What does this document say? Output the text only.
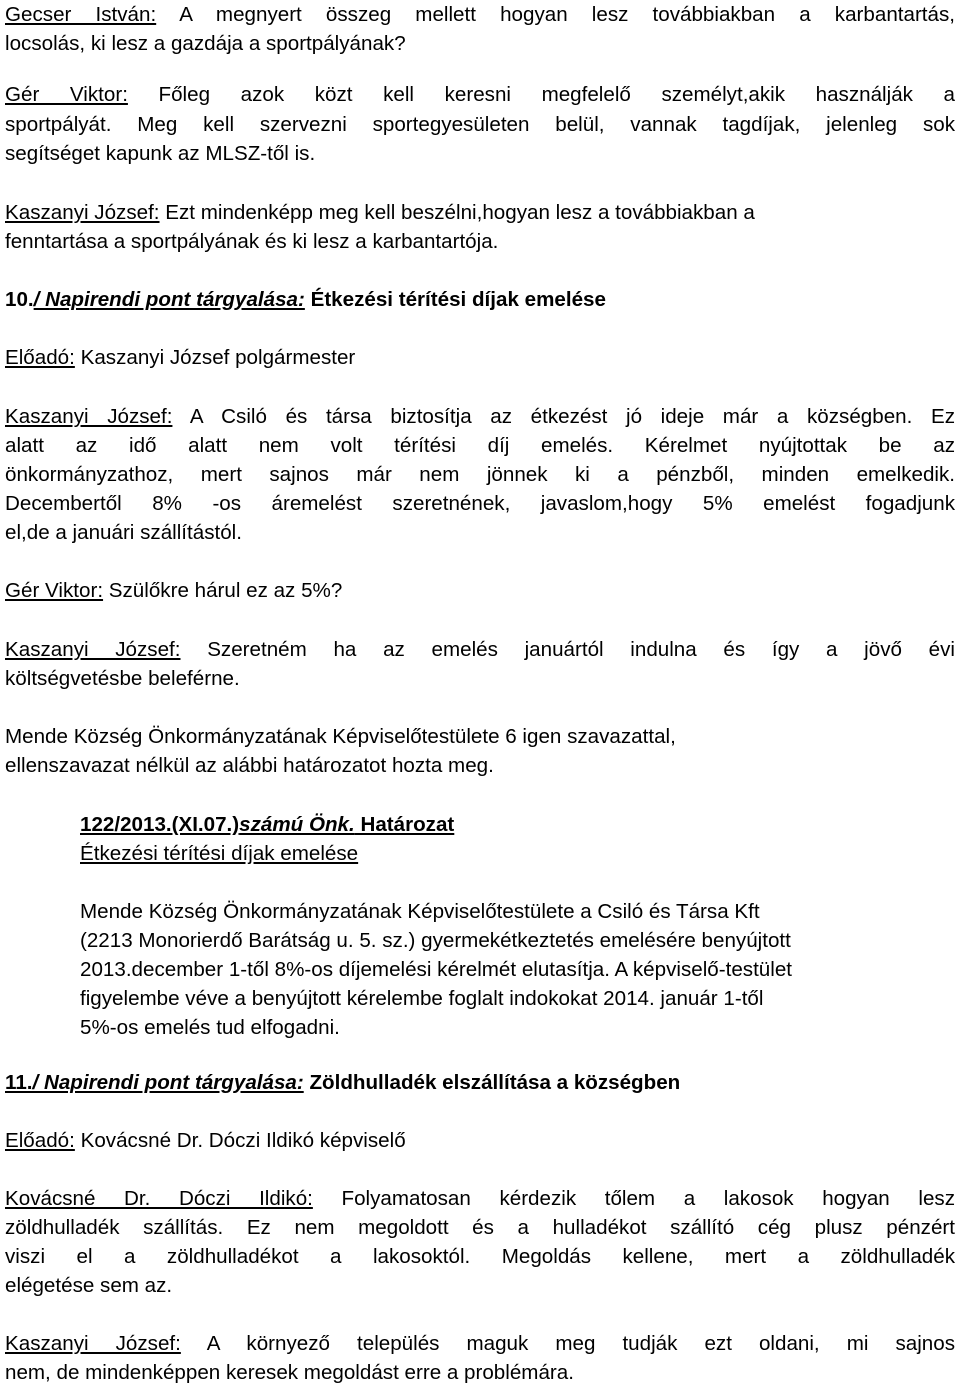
Gecser István: A megnyert összeg mellett hogyan lesz továbbiakban a karbantartás,
locsolás, ki lesz a gazdája a sportpályának?
Gér Viktor: Főleg azok közt kell keresni megfelelő személyt,akik használják a
sportpályát. Meg kell szervezni sportegyesületen belül, vannak tagdíjak, jelenleg sok
segítséget kapunk az MLSZ-től is.
Kaszanyi József: Ezt mindenképp meg kell beszélni,hogyan lesz a továbbiakban a
fenntartása a sportpályának és ki lesz a karbantartója.
10./ Napirendi pont tárgyalása: Étkezési térítési díjak emelése
Előadó: Kaszanyi József polgármester
Kaszanyi József: A Csiló és társa biztosítja az étkezést jó ideje már a községben. Ez
alatt az idő alatt nem volt térítési díj emelés. Kérelmet nyújtottak be az
önkormányzathoz, mert sajnos már nem jönnek ki a pénzből, minden emelkedik.
Decembertől 8% -os áremelést szeretnének, javaslom,hogy 5% emelést fogadjunk
el,de a januári szállítástól.
Gér Viktor: Szülőkre hárul ez az 5%?
Kaszanyi József: Szeretném ha az emelés januártól indulna és így a jövő évi
költségvetésbe beleférne.
Mende Község Önkormányzatának Képviselőtestülete 6 igen szavazattal,
ellenszavazat nélkül az alábbi határozatot hozta meg.
122/2013.(XI.07.)számú Önk. Határozat
Étkezési térítési díjak emelése
Mende Község Önkormányzatának Képviselőtestülete a Csiló és Társa Kft
(2213 Monorierdő Barátság u. 5. sz.) gyermekétkeztetés emelésére benyújtott
2013.december 1-től 8%-os díjemelési kérelmét elutasítja. A képviselő-testület
figyelembe véve a benyújtott kérelembe foglalt indokokat 2014. január 1-től
5%-os emelés tud elfogadni.
11./ Napirendi pont tárgyalása: Zöldhulladék elszállítása a községben
Előadó: Kovácsné Dr. Dóczi Ildikó képviselő
Kovácsné Dr. Dóczi Ildikó: Folyamatosan kérdezik tőlem a lakosok hogyan lesz
zöldhulladék szállítás. Ez nem megoldott és a hulladékot szállító cég plusz pénzért
viszi el a zöldhulladékot a lakosoktól. Megoldás kellene, mert a zöldhulladék
elégetése sem az.
Kaszanyi József: A környező település maguk meg tudják ezt oldani, mi sajnos
nem, de mindenképpen keresek megoldást erre a problémára.
